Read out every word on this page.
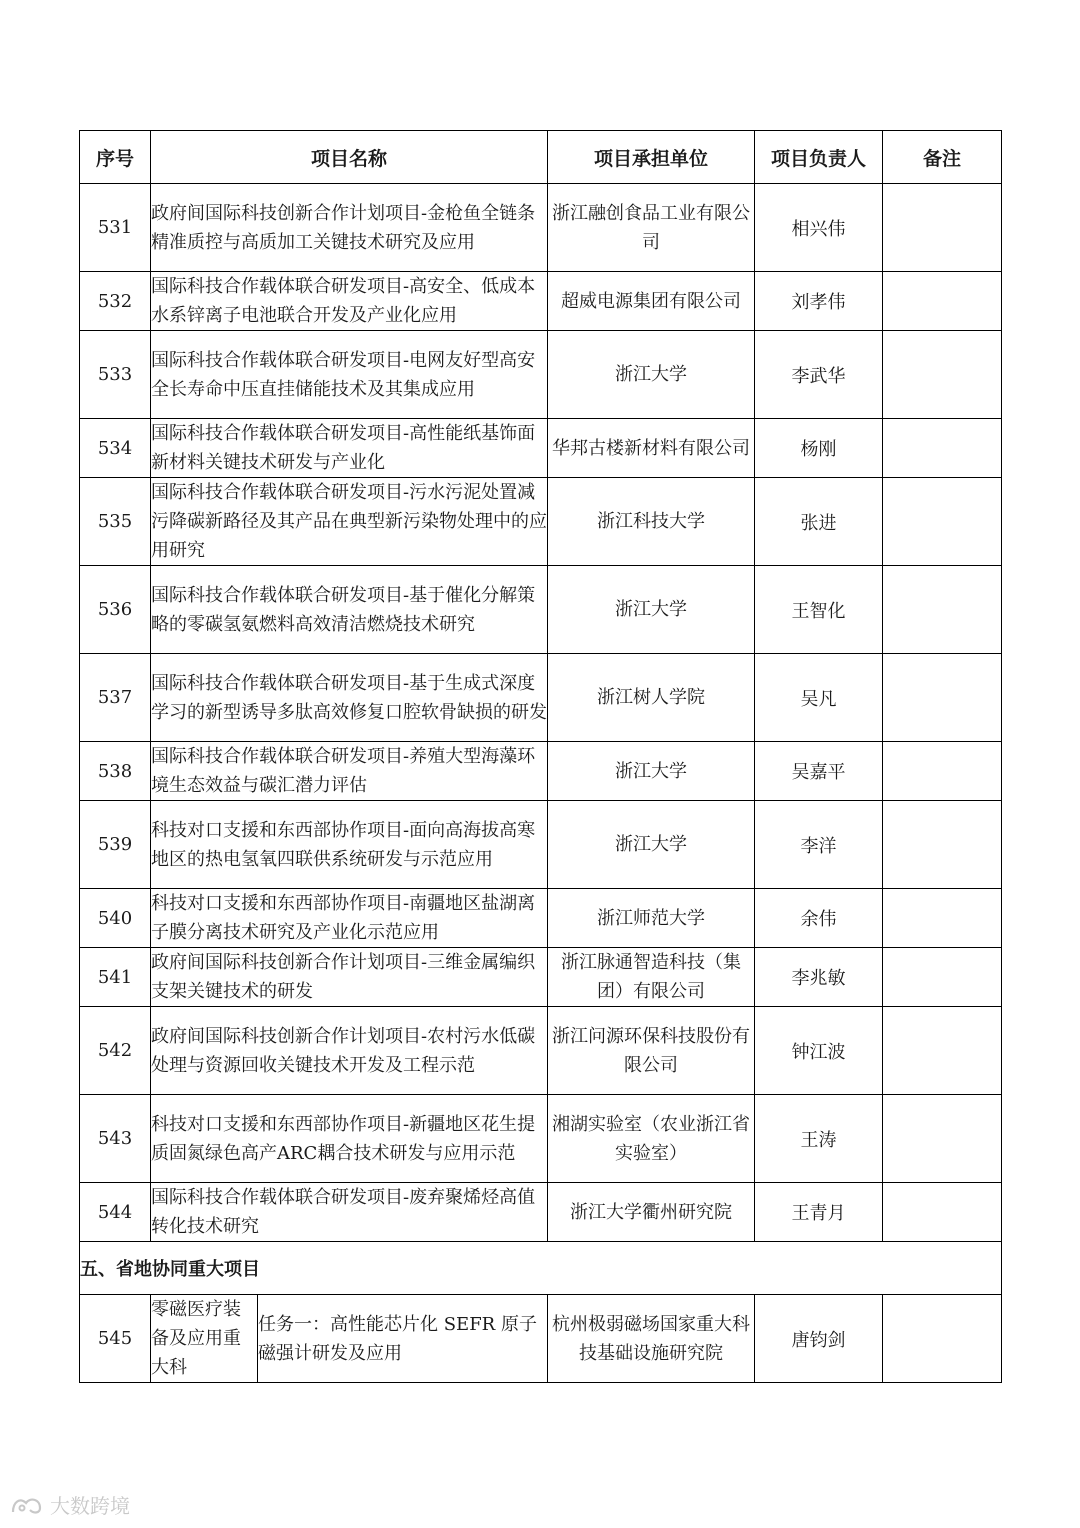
序号	项目名称		项目承担单位	项目负责人	备注
531	政府间国际科技创新合作计划项目-金枪鱼全链条精准质控与高质加工关键技术研究及应用		浙江融创食品工业有限公司	相兴伟	
532	国际科技合作载体联合研发项目-高安全、低成本水系锌离子电池联合开发及产业化应用		超威电源集团有限公司	刘孝伟	
533	国际科技合作载体联合研发项目-电网友好型高安全长寿命中压直挂储能技术及其集成应用		浙江大学	李武华	
534	国际科技合作载体联合研发项目-高性能纸基饰面新材料关键技术研发与产业化		华邦古楼新材料有限公司	杨刚	
535	国际科技合作载体联合研发项目-污水污泥处置减污降碳新路径及其产品在典型新污染物处理中的应用研究		浙江科技大学	张进	
536	国际科技合作载体联合研发项目-基于催化分解策略的零碳氢氨燃料高效清洁燃烧技术研究		浙江大学	王智化	
537	国际科技合作载体联合研发项目-基于生成式深度学习的新型诱导多肽高效修复口腔软骨缺损的研发		浙江树人学院	吴凡	
538	国际科技合作载体联合研发项目-养殖大型海藻环境生态效益与碳汇潜力评估		浙江大学	吴嘉平	
539	科技对口支援和东西部协作项目-面向高海拔高寒地区的热电氢氧四联供系统研发与示范应用		浙江大学	李洋	
540	科技对口支援和东西部协作项目-南疆地区盐湖离子膜分离技术研究及产业化示范应用		浙江师范大学	余伟	
541	政府间国际科技创新合作计划项目-三维金属编织支架关键技术的研发		浙江脉通智造科技（集团）有限公司	李兆敏	
542	政府间国际科技创新合作计划项目-农村污水低碳处理与资源回收关键技术开发及工程示范		浙江问源环保科技股份有限公司	钟江波	
543	科技对口支援和东西部协作项目-新疆地区花生提质固氮绿色高产ARC耦合技术研发与应用示范		湘湖实验室（农业浙江省实验室）	王涛	
544	国际科技合作载体联合研发项目-废弃聚烯烃高值转化技术研究		浙江大学衢州研究院	王青月	
五、省地协同重大项目					
545	零磁医疗装备及应用重大科	任务一：高性能芯片化 SEFR 原子磁强计研发及应用	杭州极弱磁场国家重大科技基础设施研究院	唐钧剑	
大数跨境
